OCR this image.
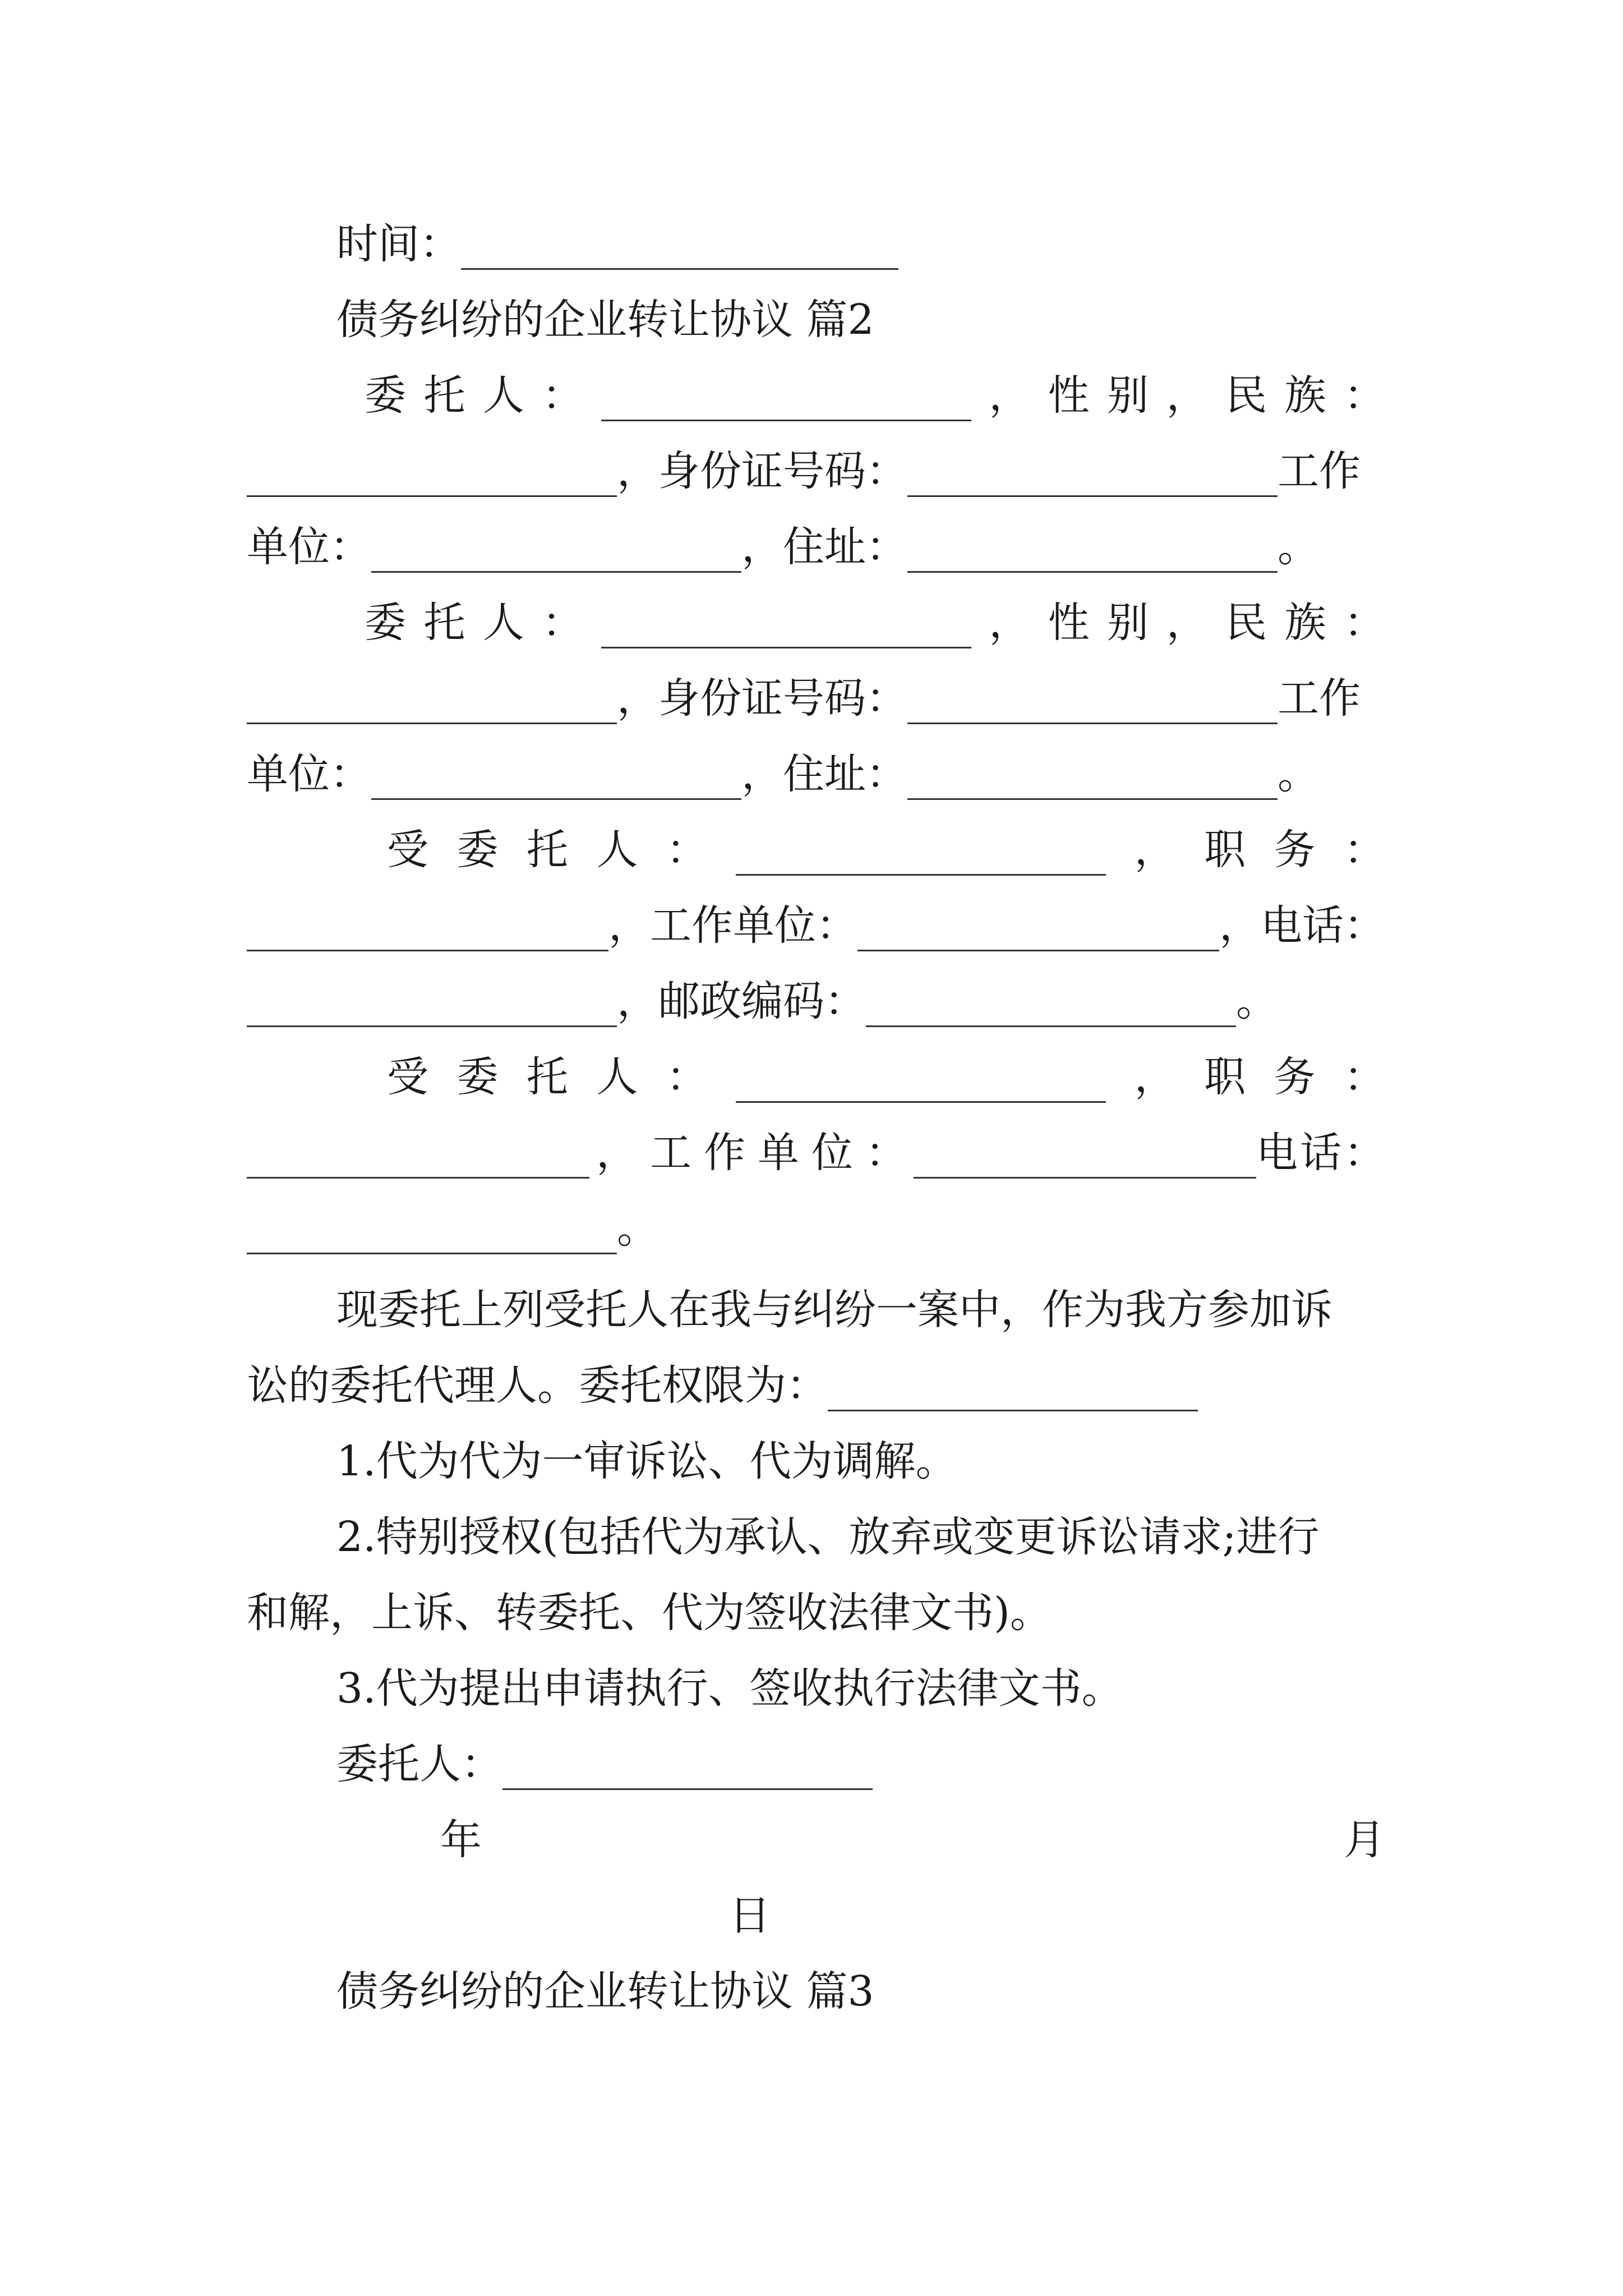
时间：
债务纠纷的企业转让协议 篇2
委 托 人 ：	， 性 别 ， 民 族 ：
，身份证号码：	工作
单位：	，住址：	。
委 托 人 ：	， 性 别 ， 民 族 ：
，身份证号码：	工作
单位：	，住址：	。
受 委 托 人 ：	， 职 务 ：
，工作单位：	，电话：
，邮政编码：	。
受 委 托 人 ：	， 职 务 ：
， 工 作 单 位 ：	电 话 ：
。
现委托上列受托人在我与纠纷一案中，作为我方参加诉
讼的委托代理人。委托权限为：
1.代为代为一审诉讼、代为调解。
2.特别授权(包括代为承认、放弃或变更诉讼请求;进行
和解，上诉、转委托、代为签收法律文书)。
3.代为提出申请执行、签收执行法律文书。
委托人：
年	月
日
债务纠纷的企业转让协议 篇3
